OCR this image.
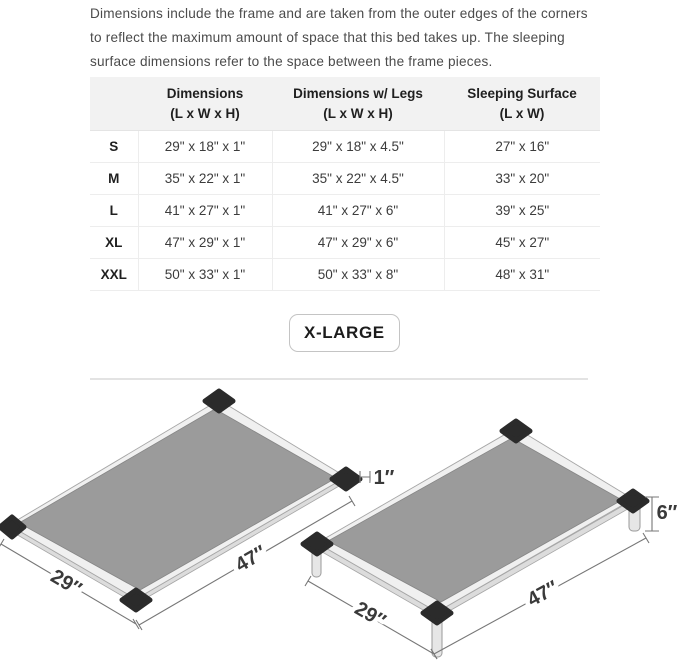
Dimensions include the frame and are taken from the outer edges of the corners to reflect the maximum amount of space that this bed takes up. The sleeping surface dimensions refer to the space between the frame pieces.

Dimensions
(L x W x H)

Dimensions w/ Legs
(L x W x H)

Sleeping Surface
(L x W)

S	29" x 18" x 1"	29" x 18" x 4.5"	27" x 16"
M	35" x 22" x 1"	35" x 22" x 4.5"	33" x 20"
L	41" x 27" x 1"	41" x 27" x 6"	39" x 25"
XL	47" x 29" x 1"	47" x 29" x 6"	45" x 27"
XXL	50" x 33" x 1"	50" x 33" x 8"	48" x 31"
X-LARGE
29″
47″
1″
29″
47″
6″
